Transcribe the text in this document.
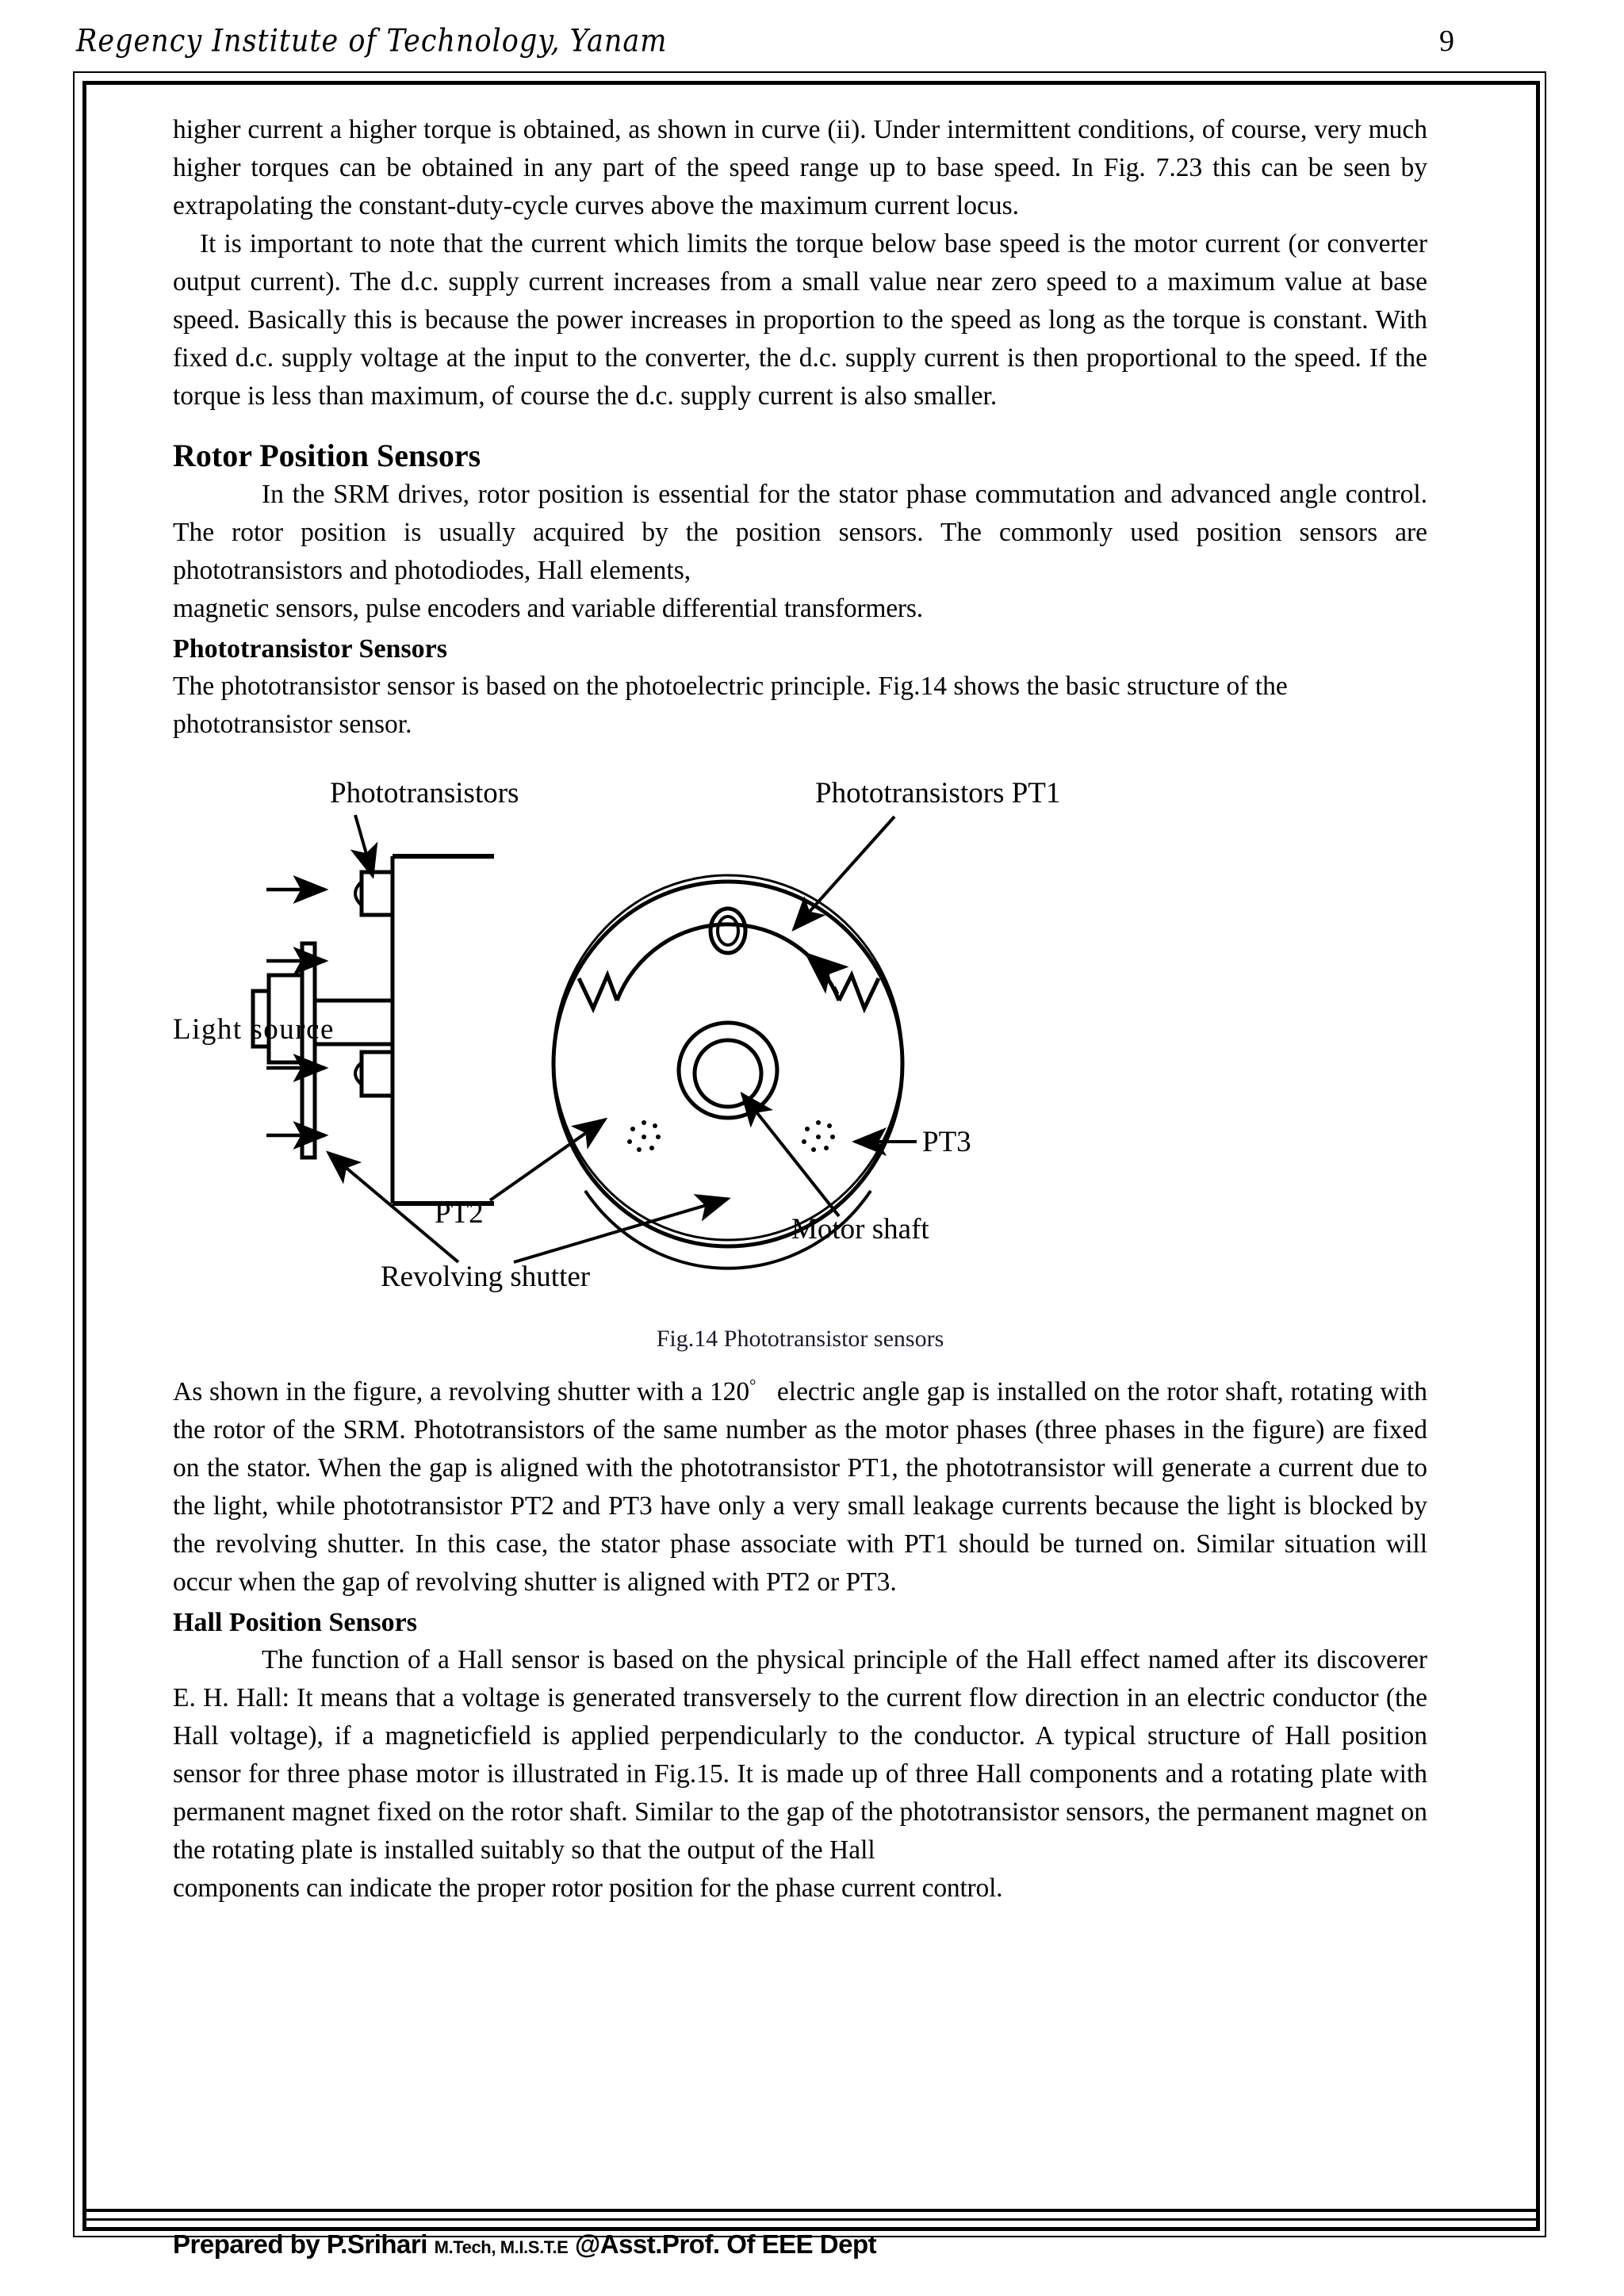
Regency Institute of Technology, Yanam	9

higher current a higher torque is obtained, as shown in curve (ii). Under intermittent conditions, of course, very much higher torques can be obtained in any part of the speed range up to base speed. In Fig. 7.23 this can be seen by extrapolating the constant-duty-cycle curves above the maximum current locus.

It is important to note that the current which limits the torque below base speed is the motor current (or converter output current). The d.c. supply current increases from a small value near zero speed to a maximum value at base speed. Basically this is because the power increases in proportion to the speed as long as the torque is constant. With fixed d.c. supply voltage at the input to the converter, the d.c. supply current is then proportional to the speed. If the torque is less than maximum, of course the d.c. supply current is also smaller.

Rotor Position Sensors

In the SRM drives, rotor position is essential for the stator phase commutation and advanced angle control. The rotor position is usually acquired by the position sensors. The commonly used position sensors are phototransistors and photodiodes, Hall elements,

magnetic sensors, pulse encoders and variable differential transformers.

Phototransistor Sensors

The phototransistor sensor is based on the photoelectric principle. Fig.14 shows the basic structure of the phototransistor sensor.

Phototransistors	Phototransistors PT1
Light source
PT3
PT2	Motor shaft
Revolving shutter
Fig.14 Phototransistor sensors

As shown in the figure, a revolving shutter with a 120° electric angle gap is installed on the rotor shaft, rotating with the rotor of the SRM. Phototransistors of the same number as the motor phases (three phases in the figure) are fixed on the stator. When the gap is aligned with the phototransistor PT1, the phototransistor will generate a current due to the light, while phototransistor PT2 and PT3 have only a very small leakage currents because the light is blocked by the revolving shutter. In this case, the stator phase associate with PT1 should be turned on. Similar situation will occur when the gap of revolving shutter is aligned with PT2 or PT3.

Hall Position Sensors

The function of a Hall sensor is based on the physical principle of the Hall effect named after its discoverer E. H. Hall: It means that a voltage is generated transversely to the current flow direction in an electric conductor (the Hall voltage), if a magneticfield is applied perpendicularly to the conductor. A typical structure of Hall position sensor for three phase motor is illustrated in Fig.15. It is made up of three Hall components and a rotating plate with permanent magnet fixed on the rotor shaft. Similar to the gap of the phototransistor sensors, the permanent magnet on the rotating plate is installed suitably so that the output of the Hall

components can indicate the proper rotor position for the phase current control.

Prepared by P.Srihari M.Tech, M.I.S.T.E @Asst.Prof. Of EEE Dept
